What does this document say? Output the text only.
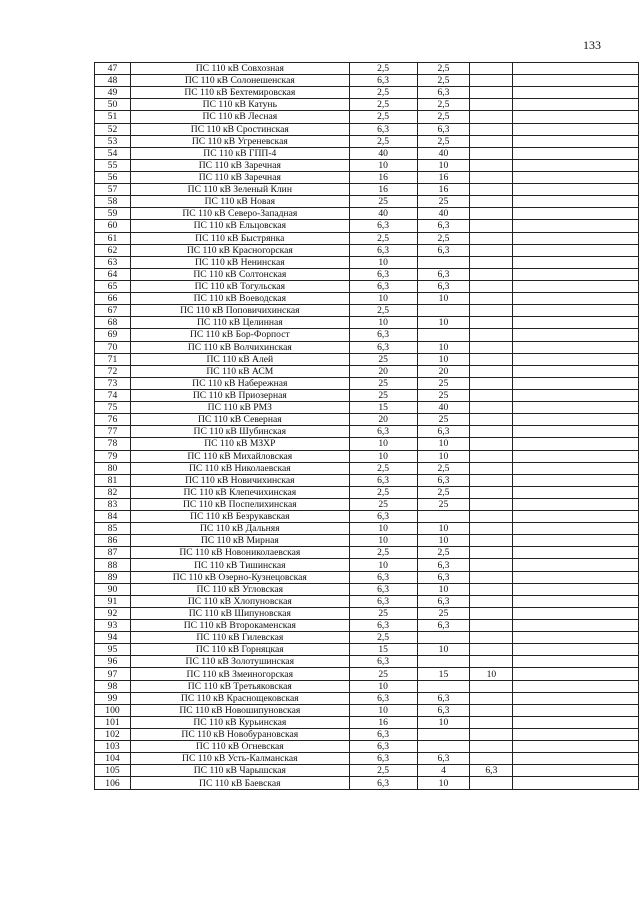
133
47	ПС 110 кВ Совхозная	2,5	2,5		
48	ПС 110 кВ Солонешенская	6,3	2,5		
49	ПС 110 кВ Бехтемировская	2,5	6,3		
50	ПС 110 кВ Катунь	2,5	2,5		
51	ПС 110 кВ Лесная	2,5	2,5		
52	ПС 110 кВ Сростинская	6,3	6,3		
53	ПС 110 кВ Угреневская	2,5	2,5		
54	ПС 110 кВ ГПП-4	40	40		
55	ПС 110 кВ Заречная	10	10		
56	ПС 110 кВ Заречная	16	16		
57	ПС 110 кВ Зеленый Клин	16	16		
58	ПС 110 кВ Новая	25	25		
59	ПС 110 кВ Северо-Западная	40	40		
60	ПС 110 кВ Ельцовская	6,3	6,3		
61	ПС 110 кВ Быстрянка	2,5	2,5		
62	ПС 110 кВ Красногорская	6,3	6,3		
63	ПС 110 кВ Ненинская	10			
64	ПС 110 кВ Солтонская	6,3	6,3		
65	ПС 110 кВ Тогульская	6,3	6,3		
66	ПС 110 кВ Воеводская	10	10		
67	ПС 110 кВ Поповичихинская	2,5			
68	ПС 110 кВ Целинная	10	10		
69	ПС 110 кВ Бор-Форпост	6,3			
70	ПС 110 кВ Волчихинская	6,3	10		
71	ПС 110 кВ Алей	25	10		
72	ПС 110 кВ АСМ	20	20		
73	ПС 110 кВ Набережная	25	25		
74	ПС 110 кВ Приозерная	25	25		
75	ПС 110 кВ РМЗ	15	40		
76	ПС 110 кВ Северная	20	25		
77	ПС 110 кВ Шубинская	6,3	6,3		
78	ПС 110 кВ МЗХР	10	10		
79	ПС 110 кВ Михайловская	10	10		
80	ПС 110 кВ Николаевская	2,5	2,5		
81	ПС 110 кВ Новичихинская	6,3	6,3		
82	ПС 110 кВ Клепечихинская	2,5	2,5		
83	ПС 110 кВ Поспелихинская	25	25		
84	ПС 110 кВ Безрукавская	6,3			
85	ПС 110 кВ Дальняя	10	10		
86	ПС 110 кВ Мирная	10	10		
87	ПС 110 кВ Новониколаевская	2,5	2,5		
88	ПС 110 кВ Тишинская	10	6,3		
89	ПС 110 кВ Озерно-Кузнецовская	6,3	6,3		
90	ПС 110 кВ Угловская	6,3	10		
91	ПС 110 кВ Хлопуновская	6,3	6,3		
92	ПС 110 кВ Шипуновская	25	25		
93	ПС 110 кВ Второкаменская	6,3	6,3		
94	ПС 110 кВ Гилевская	2,5			
95	ПС 110 кВ Горняцкая	15	10		
96	ПС 110 кВ Золотушинская	6,3			
97	ПС 110 кВ Змеиногорская	25	15	10	
98	ПС 110 кВ Третьяковская	10			
99	ПС 110 кВ Краснощековская	6,3	6,3		
100	ПС 110 кВ Новошипуновская	10	6,3		
101	ПС 110 кВ Курьинская	16	10		
102	ПС 110 кВ Новобурановская	6,3			
103	ПС 110 кВ Огневская	6,3			
104	ПС 110 кВ Усть-Калманская	6,3	6,3		
105	ПС 110 кВ Чарышская	2,5	4	6,3	
106	ПС 110 кВ Баевская	6,3	10		
